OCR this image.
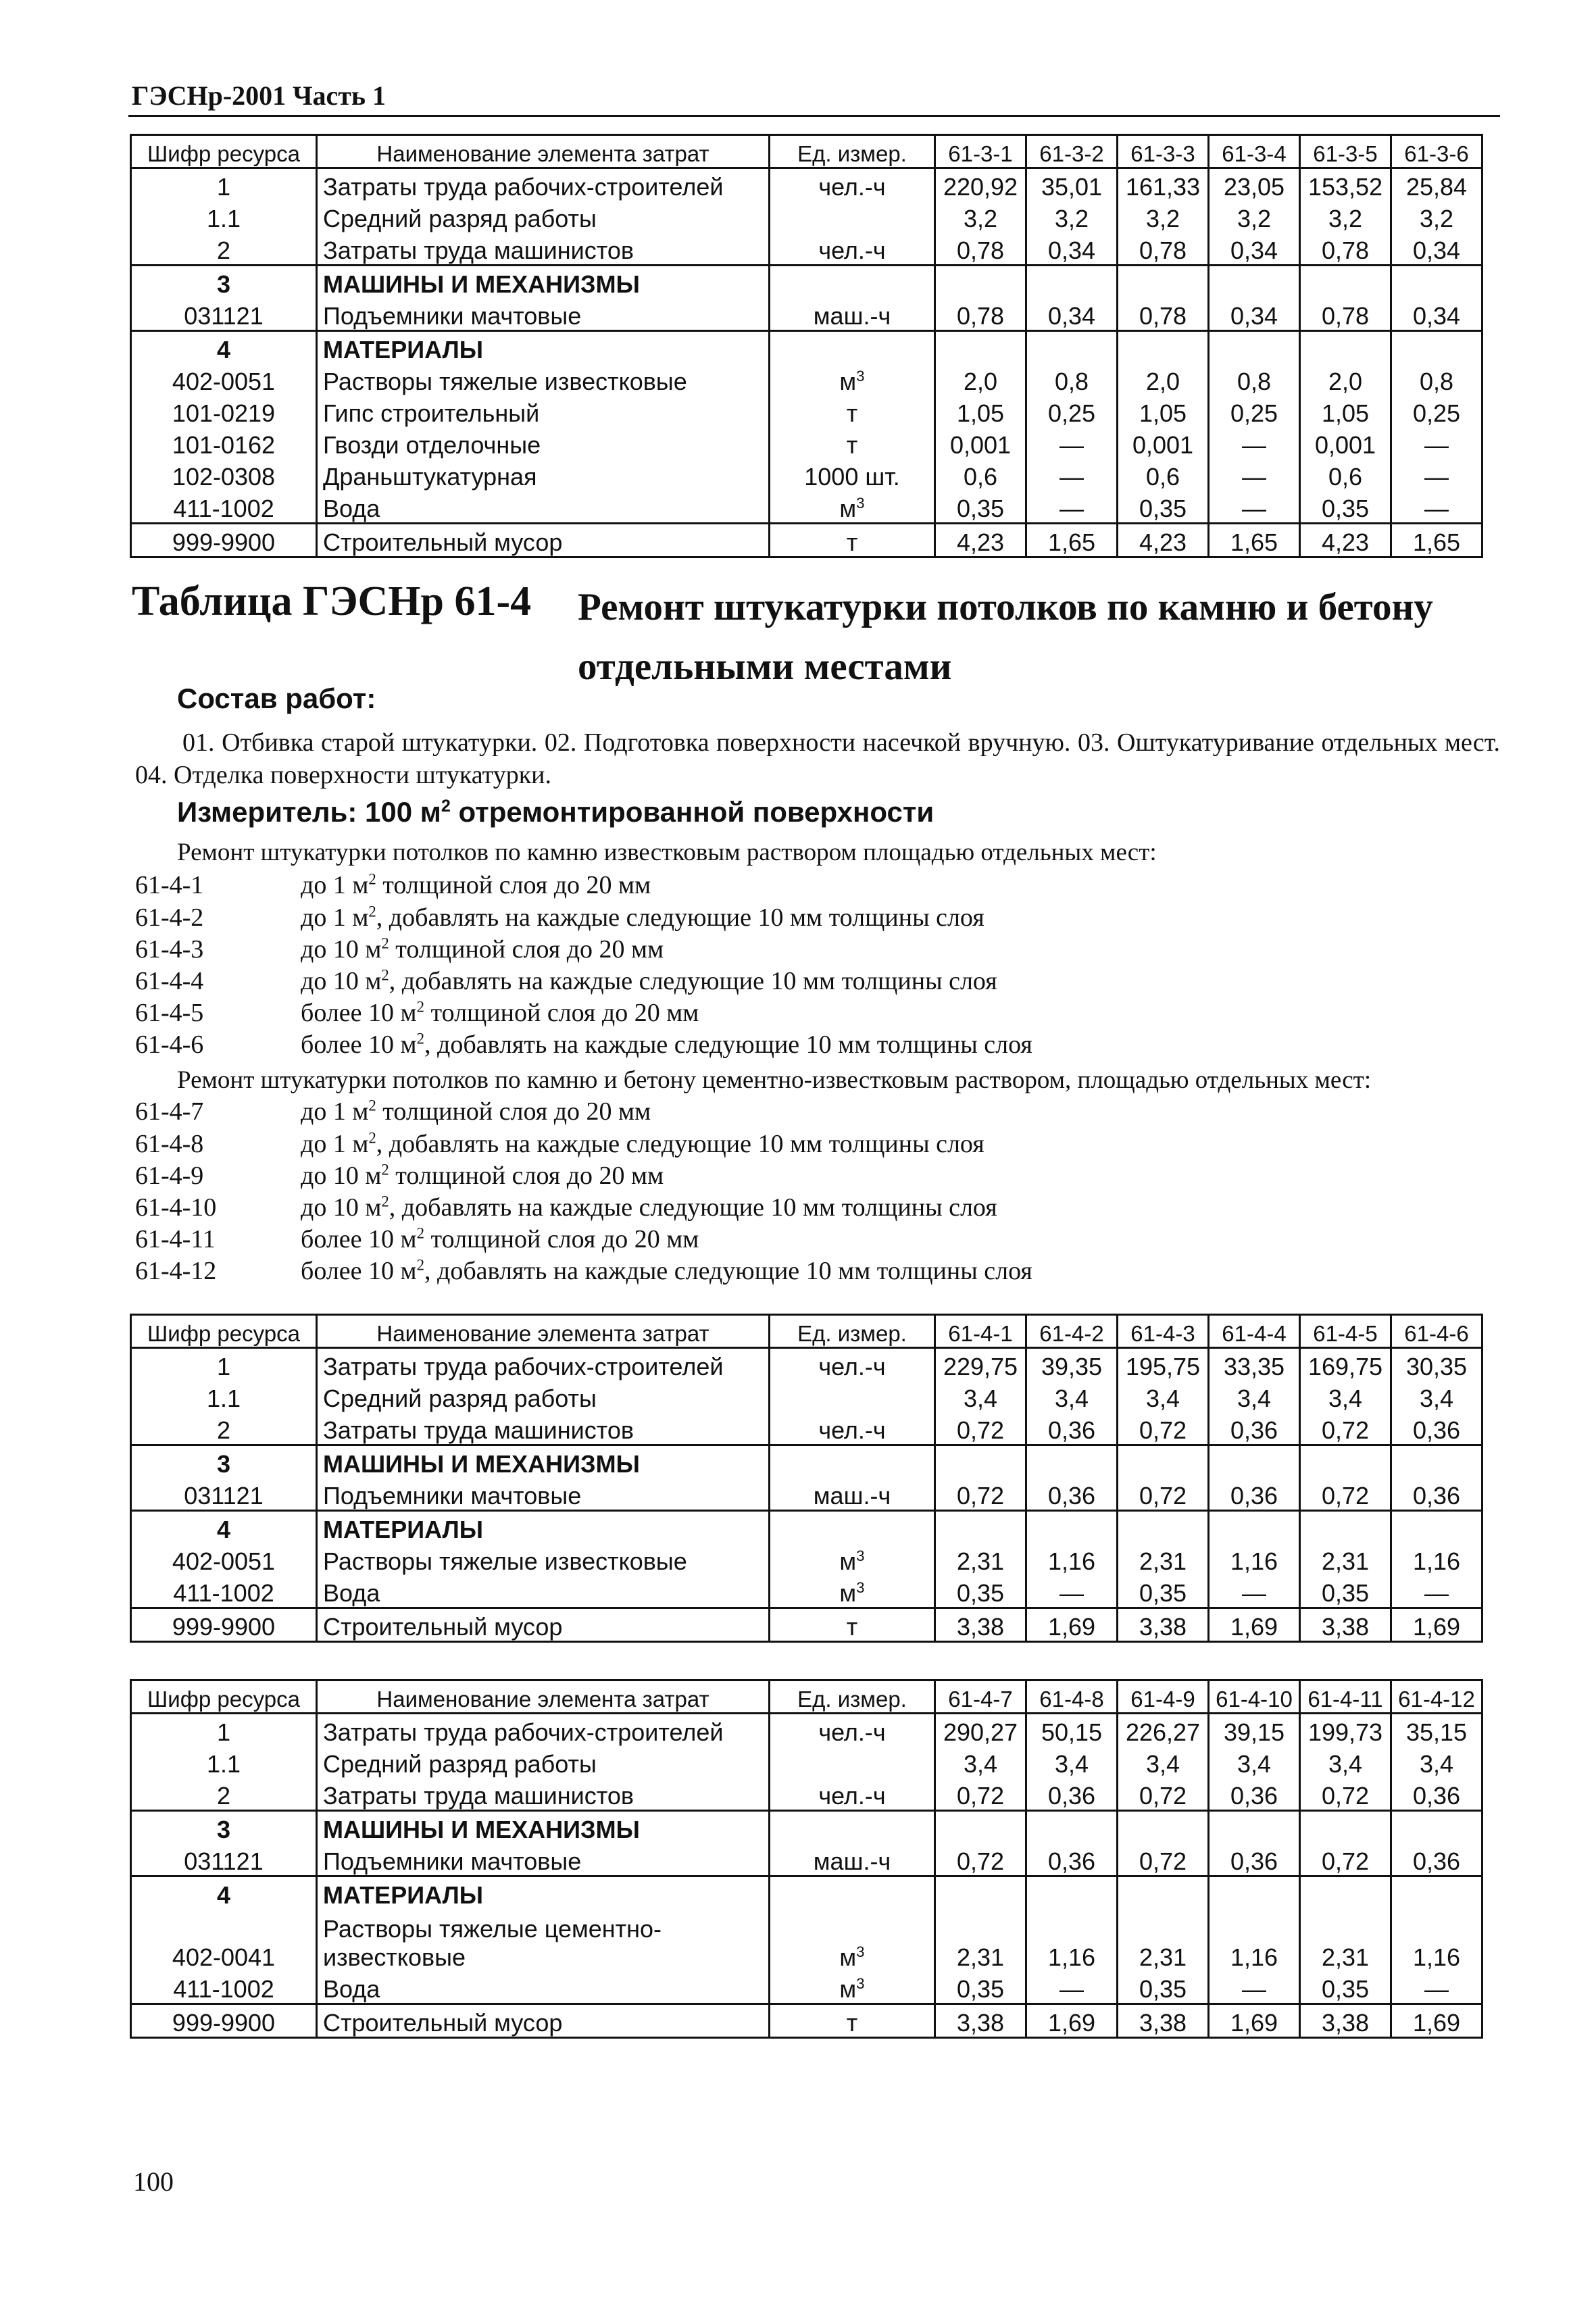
ГЭСНр-2001 Часть 1
Шифр ресурса	Наименование элемента затрат	Ед. измер.	61-3-1	61-3-2	61-3-3	61-3-4	61-3-5	61-3-6
1	Затраты труда рабочих-строителей	чел.-ч	220,92	35,01	161,33	23,05	153,52	25,84
1.1	Средний разряд работы		3,2	3,2	3,2	3,2	3,2	3,2
2	Затраты труда машинистов	чел.-ч	0,78	0,34	0,78	0,34	0,78	0,34
3	МАШИНЫ И МЕХАНИЗМЫ							
031121	Подъемники мачтовые	маш.-ч	0,78	0,34	0,78	0,34	0,78	0,34
4	МАТЕРИАЛЫ							
402-0051	Растворы тяжелые известковые	$м^3$	2,0	0,8	2,0	0,8	2,0	0,8
101-0219	Гипс строительный	т	1,05	0,25	1,05	0,25	1,05	0,25
101-0162	Гвозди отделочные	т	0,001	—	0,001	—	0,001	—
102-0308	Драньштукатурная	1000 шт.	0,6	—	0,6	—	0,6	—
411-1002	Вода	$м^3$	0,35	—	0,35	—	0,35	—
999-9900	Строительный мусор	т	4,23	1,65	4,23	1,65	4,23	1,65
Таблица ГЭСНр 61-4 Ремонт штукатурки потолков по камню и бетону отдельными местами
Состав работ:
01. Отбивка старой штукатурки. 02. Подготовка поверхности насечкой вручную. 03. Оштукатуривание отдельных мест. 04. Отделка поверхности штукатурки.
Измеритель: 100 $м^2$ отремонтированной поверхности
Ремонт штукатурки потолков по камню известковым раствором площадью отдельных мест:
61-4-1	до 1 $м^2$ толщиной слоя до 20 мм
61-4-2	до 1 $м^2$, добавлять на каждые следующие 10 мм толщины слоя
61-4-3	до 10 $м^2$ толщиной слоя до 20 мм
61-4-4	до 10 $м^2$, добавлять на каждые следующие 10 мм толщины слоя
61-4-5	более 10 $м^2$ толщиной слоя до 20 мм
61-4-6	более 10 $м^2$, добавлять на каждые следующие 10 мм толщины слоя
61-4-7	до 1 $м^2$ толщиной слоя до 20 мм
61-4-8	до 1 $м^2$, добавлять на каждые следующие 10 мм толщины слоя
61-4-9	до 10 $м^2$ толщиной слоя до 20 мм
61-4-10	до 10 $м^2$, добавлять на каждые следующие 10 мм толщины слоя
61-4-11	более 10 $м^2$ толщиной слоя до 20 мм
61-4-12	более 10 $м^2$, добавлять на каждые следующие 10 мм толщины слоя
Ремонт штукатурки потолков по камню и бетону цементно-известковым раствором, площадью отдельных мест:
Шифр ресурса	Наименование элемента затрат	Ед. измер.	61-4-1	61-4-2	61-4-3	61-4-4	61-4-5	61-4-6
1	Затраты труда рабочих-строителей	чел.-ч	229,75	39,35	195,75	33,35	169,75	30,35
1.1	Средний разряд работы		3,4	3,4	3,4	3,4	3,4	3,4
2	Затраты труда машинистов	чел.-ч	0,72	0,36	0,72	0,36	0,72	0,36
3	МАШИНЫ И МЕХАНИЗМЫ							
031121	Подъемники мачтовые	маш.-ч	0,72	0,36	0,72	0,36	0,72	0,36
4	МАТЕРИАЛЫ							
402-0051	Растворы тяжелые известковые	$м^3$	2,31	1,16	2,31	1,16	2,31	1,16
411-1002	Вода	$м^3$	0,35	—	0,35	—	0,35	—
999-9900	Строительный мусор	т	3,38	1,69	3,38	1,69	3,38	1,69
Шифр ресурса	Наименование элемента затрат	Ед. измер.	61-4-7	61-4-8	61-4-9	61-4-10	61-4-11	61-4-12
1	Затраты труда рабочих-строителей	чел.-ч	290,27	50,15	226,27	39,15	199,73	35,15
1.1	Средний разряд работы		3,4	3,4	3,4	3,4	3,4	3,4
2	Затраты труда машинистов	чел.-ч	0,72	0,36	0,72	0,36	0,72	0,36
3	МАШИНЫ И МЕХАНИЗМЫ							
031121	Подъемники мачтовые	маш.-ч	0,72	0,36	0,72	0,36	0,72	0,36
4	МАТЕРИАЛЫ							
402-0041	Растворы тяжелые цементно-известковые	$м^3$	2,31	1,16	2,31	1,16	2,31	1,16
411-1002	Вода	$м^3$	0,35	—	0,35	—	0,35	—
999-9900	Строительный мусор	т	3,38	1,69	3,38	1,69	3,38	1,69
100
